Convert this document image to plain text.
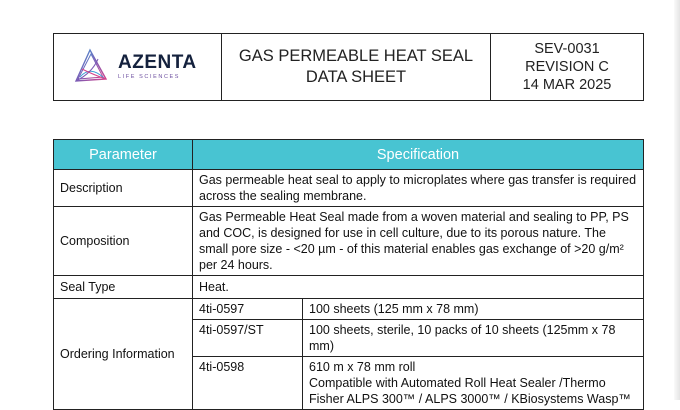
AZENTA
LIFE SCIENCES
GAS PERMEABLE HEAT SEAL
DATA SHEET
SEV-0031
REVISION C
14 MAR 2025
Parameter	Specification
Description	Gas permeable heat seal to apply to microplates where gas transfer is required across the sealing membrane.
Composition	Gas Permeable Heat Seal made from a woven material and sealing to PP, PS and COC, is designed for use in cell culture, due to its porous nature. The small pore size - <20 µm - of this material enables gas exchange of >20 g/m² per 24 hours.
Seal Type	Heat.
Ordering Information	
4ti-0597	100 sheets (125 mm x 78 mm)
4ti-0597/ST	100 sheets, sterile, 10 packs of 10 sheets (125mm x 78 mm)
4ti-0598	610 m x 78 mm roll
Compatible with Automated Roll Heat Sealer /Thermo Fisher ALPS 300™ / ALPS 3000™ / KBiosystems Wasp™
